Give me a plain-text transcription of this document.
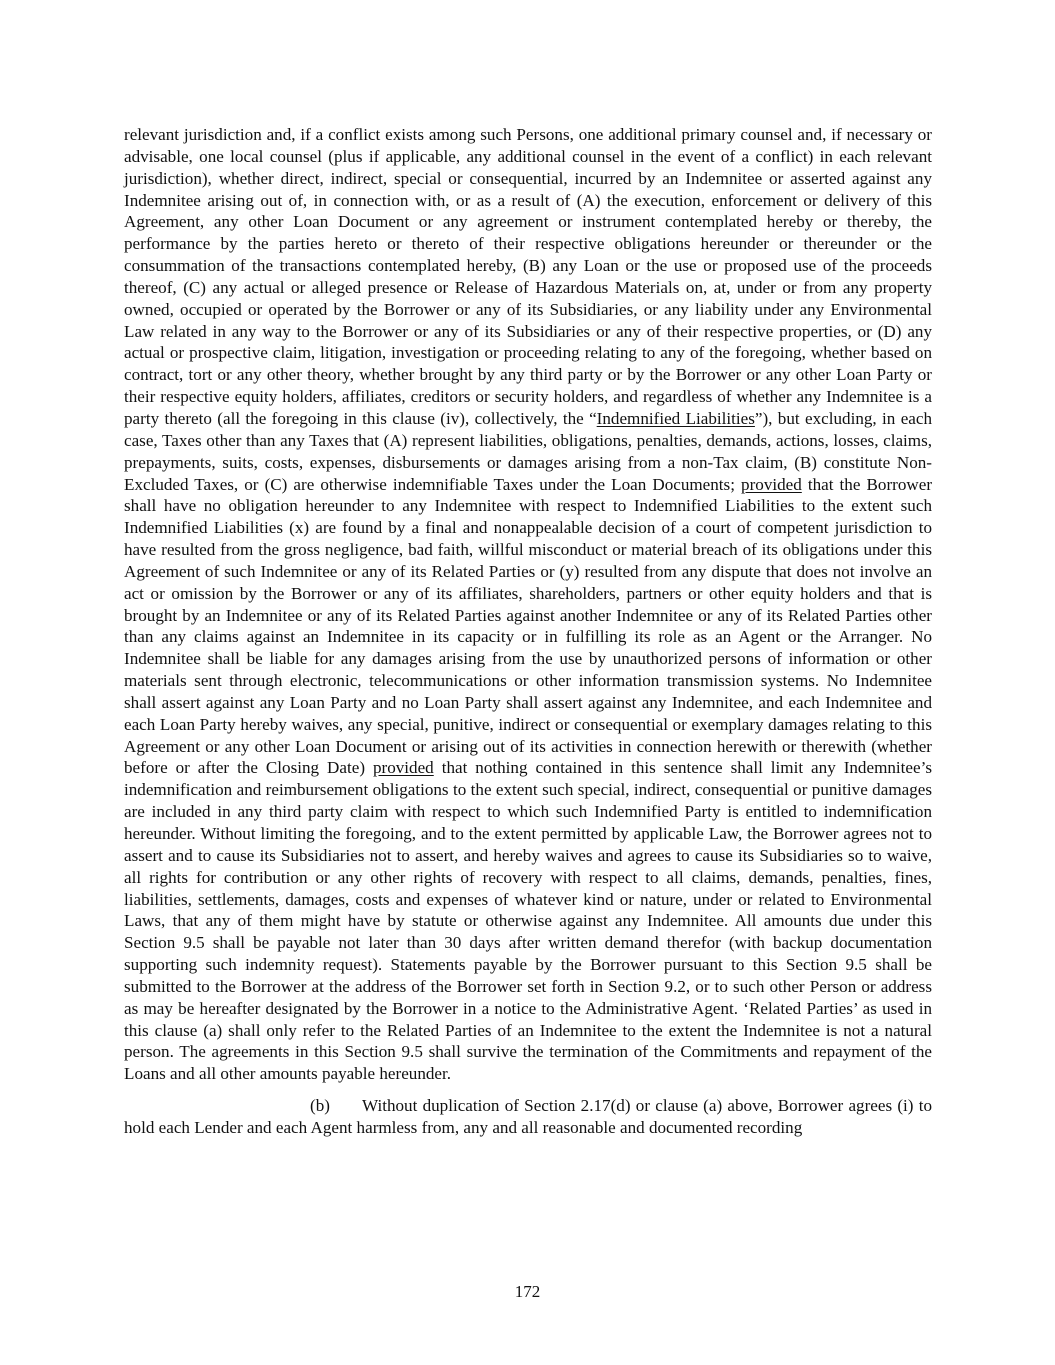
relevant jurisdiction and, if a conflict exists among such Persons, one additional primary counsel and, if necessary or advisable, one local counsel (plus if applicable, any additional counsel in the event of a conflict) in each relevant jurisdiction), whether direct, indirect, special or consequential, incurred by an Indemnitee or asserted against any Indemnitee arising out of, in connection with, or as a result of (A) the execution, enforcement or delivery of this Agreement, any other Loan Document or any agreement or instrument contemplated hereby or thereby, the performance by the parties hereto or thereto of their respective obligations hereunder or thereunder or the consummation of the transactions contemplated hereby, (B) any Loan or the use or proposed use of the proceeds thereof, (C) any actual or alleged presence or Release of Hazardous Materials on, at, under or from any property owned, occupied or operated by the Borrower or any of its Subsidiaries, or any liability under any Environmental Law related in any way to the Borrower or any of its Subsidiaries or any of their respective properties, or (D) any actual or prospective claim, litigation, investigation or proceeding relating to any of the foregoing, whether based on contract, tort or any other theory, whether brought by any third party or by the Borrower or any other Loan Party or their respective equity holders, affiliates, creditors or security holders, and regardless of whether any Indemnitee is a party thereto (all the foregoing in this clause (iv), collectively, the “Indemnified Liabilities”), but excluding, in each case, Taxes other than any Taxes that (A) represent liabilities, obligations, penalties, demands, actions, losses, claims, prepayments, suits, costs, expenses, disbursements or damages arising from a non-Tax claim, (B) constitute Non-Excluded Taxes, or (C) are otherwise indemnifiable Taxes under the Loan Documents; provided that the Borrower shall have no obligation hereunder to any Indemnitee with respect to Indemnified Liabilities to the extent such Indemnified Liabilities (x) are found by a final and nonappealable decision of a court of competent jurisdiction to have resulted from the gross negligence, bad faith, willful misconduct or material breach of its obligations under this Agreement of such Indemnitee or any of its Related Parties or (y) resulted from any dispute that does not involve an act or omission by the Borrower or any of its affiliates, shareholders, partners or other equity holders and that is brought by an Indemnitee or any of its Related Parties against another Indemnitee or any of its Related Parties other than any claims against an Indemnitee in its capacity or in fulfilling its role as an Agent or the Arranger. No Indemnitee shall be liable for any damages arising from the use by unauthorized persons of information or other materials sent through electronic, telecommunications or other information transmission systems. No Indemnitee shall assert against any Loan Party and no Loan Party shall assert against any Indemnitee, and each Indemnitee and each Loan Party hereby waives, any special, punitive, indirect or consequential or exemplary damages relating to this Agreement or any other Loan Document or arising out of its activities in connection herewith or therewith (whether before or after the Closing Date) provided that nothing contained in this sentence shall limit any Indemnitee’s indemnification and reimbursement obligations to the extent such special, indirect, consequential or punitive damages are included in any third party claim with respect to which such Indemnified Party is entitled to indemnification hereunder. Without limiting the foregoing, and to the extent permitted by applicable Law, the Borrower agrees not to assert and to cause its Subsidiaries not to assert, and hereby waives and agrees to cause its Subsidiaries so to waive, all rights for contribution or any other rights of recovery with respect to all claims, demands, penalties, fines, liabilities, settlements, damages, costs and expenses of whatever kind or nature, under or related to Environmental Laws, that any of them might have by statute or otherwise against any Indemnitee. All amounts due under this Section 9.5 shall be payable not later than 30 days after written demand therefor (with backup documentation supporting such indemnity request). Statements payable by the Borrower pursuant to this Section 9.5 shall be submitted to the Borrower at the address of the Borrower set forth in Section 9.2, or to such other Person or address as may be hereafter designated by the Borrower in a notice to the Administrative Agent. ‘Related Parties’ as used in this clause (a) shall only refer to the Related Parties of an Indemnitee to the extent the Indemnitee is not a natural person. The agreements in this Section 9.5 shall survive the termination of the Commitments and repayment of the Loans and all other amounts payable hereunder.

(b) Without duplication of Section 2.17(d) or clause (a) above, Borrower agrees (i) to hold each Lender and each Agent harmless from, any and all reasonable and documented recording

172
